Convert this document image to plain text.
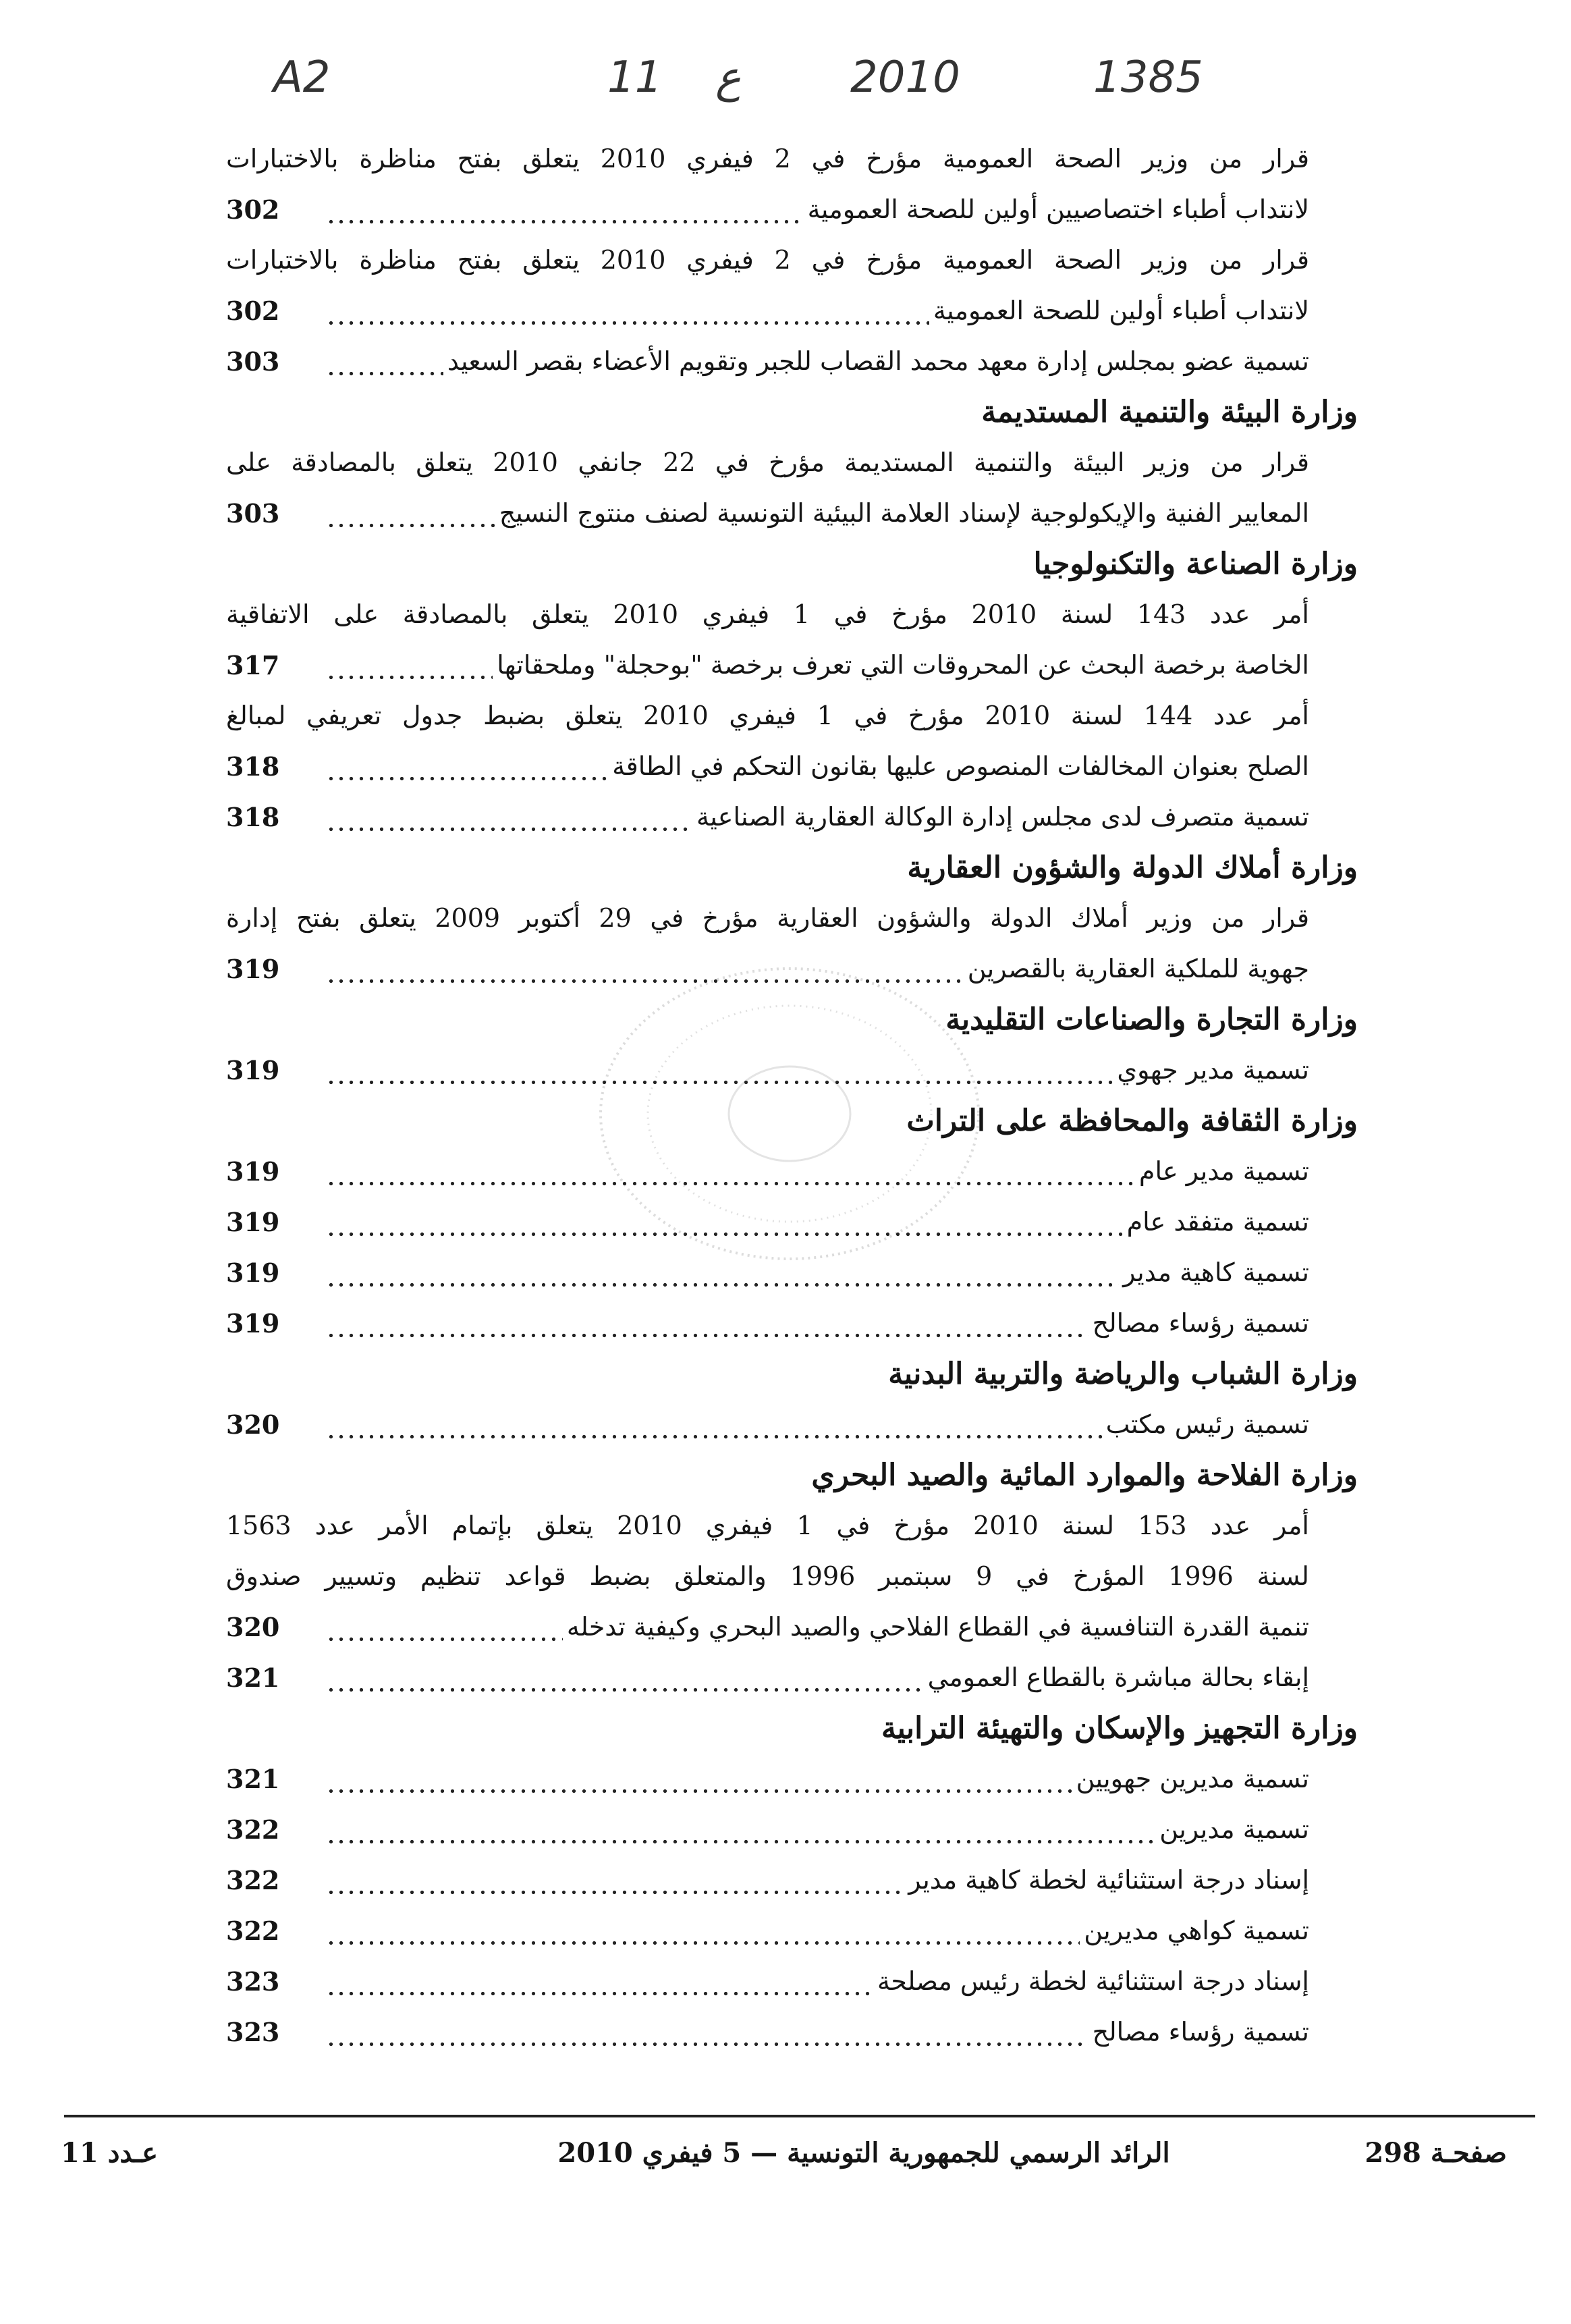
A2	11 ع	2010	1385
قرار من وزير الصحة العمومية مؤرخ في 2 فيفري 2010 يتعلق بفتح مناظرة بالاختبارات
لانتداب أطباء اختصاصيين أولين للصحة العمومية
302
قرار من وزير الصحة العمومية مؤرخ في 2 فيفري 2010 يتعلق بفتح مناظرة بالاختبارات
لانتداب أطباء أولين للصحة العمومية
302
تسمية عضو بمجلس إدارة معهد محمد القصاب للجبر وتقويم الأعضاء بقصر السعيد
303
وزارة البيئة والتنمية المستديمة
قرار من وزير البيئة والتنمية المستديمة مؤرخ في 22 جانفي 2010 يتعلق بالمصادقة على
المعايير الفنية والإيكولوجية لإسناد العلامة البيئية التونسية لصنف منتوج النسيج
303
وزارة الصناعة والتكنولوجيا
أمر عدد 143 لسنة 2010 مؤرخ في 1 فيفري 2010 يتعلق بالمصادقة على الاتفاقية
الخاصة برخصة البحث عن المحروقات التي تعرف برخصة "بوحجلة" وملحقاتها
317
أمر عدد 144 لسنة 2010 مؤرخ في 1 فيفري 2010 يتعلق بضبط جدول تعريفي لمبالغ
الصلح بعنوان المخالفات المنصوص عليها بقانون التحكم في الطاقة
318
تسمية متصرف لدى مجلس إدارة الوكالة العقارية الصناعية
318
وزارة أملاك الدولة والشؤون العقارية
قرار من وزير أملاك الدولة والشؤون العقارية مؤرخ في 29 أكتوبر 2009 يتعلق بفتح إدارة
جهوية للملكية العقارية بالقصرين
319
وزارة التجارة والصناعات التقليدية
تسمية مدير جهوي
319
وزارة الثقافة والمحافظة على التراث
تسمية مدير عام
319
تسمية متفقد عام
319
تسمية كاهية مدير
319
تسمية رؤساء مصالح
319
وزارة الشباب والرياضة والتربية البدنية
تسمية رئيس مكتب
320
وزارة الفلاحة والموارد المائية والصيد البحري
أمر عدد 153 لسنة 2010 مؤرخ في 1 فيفري 2010 يتعلق بإتمام الأمر عدد 1563
لسنة 1996 المؤرخ في 9 سبتمبر 1996 والمتعلق بضبط قواعد تنظيم وتسيير صندوق
تنمية القدرة التنافسية في القطاع الفلاحي والصيد البحري وكيفية تدخله
320
إبقاء بحالة مباشرة بالقطاع العمومي
321
وزارة التجهيز والإسكان والتهيئة الترابية
تسمية مديرين جهويين
321
تسمية مديرين
322
إسناد درجة استثنائية لخطة كاهية مدير
322
تسمية كواهي مديرين
322
إسناد درجة استثنائية لخطة رئيس مصلحة
323
تسمية رؤساء مصالح
323
عـدد 11	الرائد الرسمي للجمهورية التونسية — 5 فيفري 2010	صفحـة 298
